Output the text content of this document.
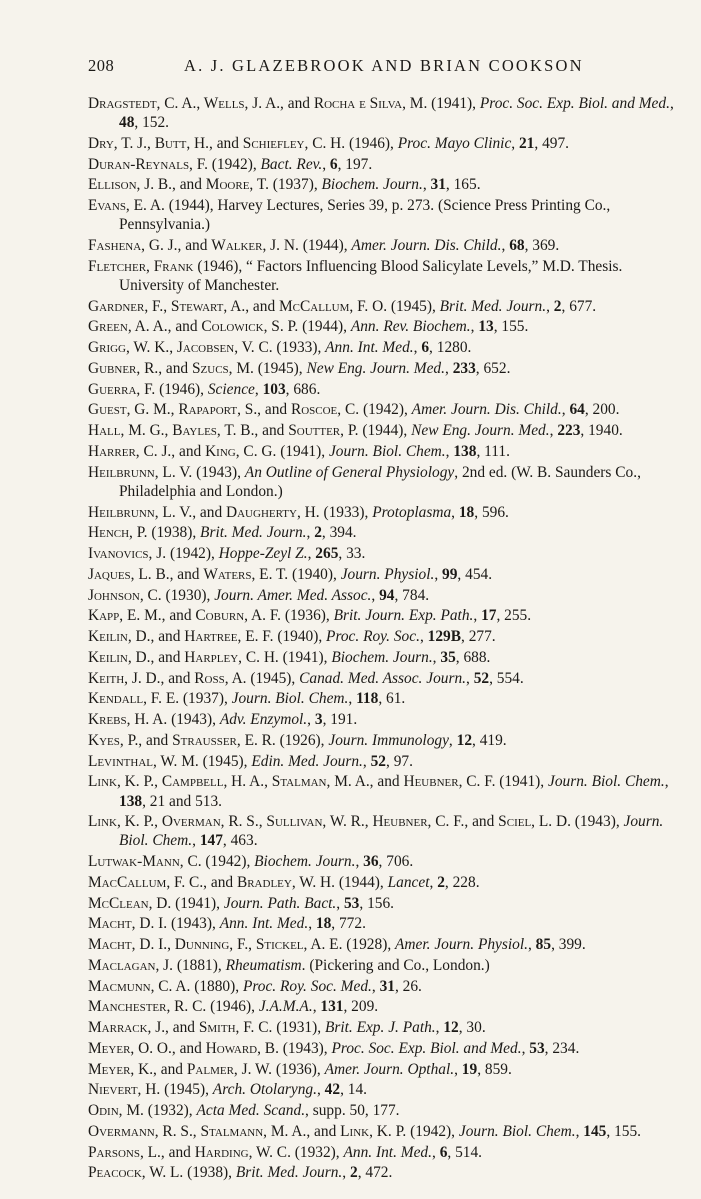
208	A. J. GLAZEBROOK AND BRIAN COOKSON

Dragstedt, C. A., Wells, J. A., and Rocha e Silva, M. (1941), Proc. Soc. Exp. Biol. and Med., 48, 152.

Dry, T. J., Butt, H., and Schiefley, C. H. (1946), Proc. Mayo Clinic, 21, 497.

Duran-Reynals, F. (1942), Bact. Rev., 6, 197.

Ellison, J. B., and Moore, T. (1937), Biochem. Journ., 31, 165.

Evans, E. A. (1944), Harvey Lectures, Series 39, p. 273. (Science Press Printing Co., Pennsylvania.)

Fashena, G. J., and Walker, J. N. (1944), Amer. Journ. Dis. Child., 68, 369.

Fletcher, Frank (1946), “ Factors Influencing Blood Salicylate Levels,” M.D. Thesis. University of Manchester.

Gardner, F., Stewart, A., and McCallum, F. O. (1945), Brit. Med. Journ., 2, 677.

Green, A. A., and Colowick, S. P. (1944), Ann. Rev. Biochem., 13, 155.

Grigg, W. K., Jacobsen, V. C. (1933), Ann. Int. Med., 6, 1280.

Gubner, R., and Szucs, M. (1945), New Eng. Journ. Med., 233, 652.

Guerra, F. (1946), Science, 103, 686.

Guest, G. M., Rapaport, S., and Roscoe, C. (1942), Amer. Journ. Dis. Child., 64, 200.

Hall, M. G., Bayles, T. B., and Soutter, P. (1944), New Eng. Journ. Med., 223, 1940.

Harrer, C. J., and King, C. G. (1941), Journ. Biol. Chem., 138, 111.

Heilbrunn, L. V. (1943), An Outline of General Physiology, 2nd ed. (W. B. Saunders Co., Philadelphia and London.)

Heilbrunn, L. V., and Daugherty, H. (1933), Protoplasma, 18, 596.

Hench, P. (1938), Brit. Med. Journ., 2, 394.

Ivanovics, J. (1942), Hoppe-Zeyl Z., 265, 33.

Jaques, L. B., and Waters, E. T. (1940), Journ. Physiol., 99, 454.

Johnson, C. (1930), Journ. Amer. Med. Assoc., 94, 784.

Kapp, E. M., and Coburn, A. F. (1936), Brit. Journ. Exp. Path., 17, 255.

Keilin, D., and Hartree, E. F. (1940), Proc. Roy. Soc., 129B, 277.

Keilin, D., and Harpley, C. H. (1941), Biochem. Journ., 35, 688.

Keith, J. D., and Ross, A. (1945), Canad. Med. Assoc. Journ., 52, 554.

Kendall, F. E. (1937), Journ. Biol. Chem., 118, 61.

Krebs, H. A. (1943), Adv. Enzymol., 3, 191.

Kyes, P., and Strausser, E. R. (1926), Journ. Immunology, 12, 419.

Levinthal, W. M. (1945), Edin. Med. Journ., 52, 97.

Link, K. P., Campbell, H. A., Stalman, M. A., and Heubner, C. F. (1941), Journ. Biol. Chem., 138, 21 and 513.

Link, K. P., Overman, R. S., Sullivan, W. R., Heubner, C. F., and Sciel, L. D. (1943), Journ. Biol. Chem., 147, 463.

Lutwak-Mann, C. (1942), Biochem. Journ., 36, 706.

MacCallum, F. C., and Bradley, W. H. (1944), Lancet, 2, 228.

McClean, D. (1941), Journ. Path. Bact., 53, 156.

Macht, D. I. (1943), Ann. Int. Med., 18, 772.

Macht, D. I., Dunning, F., Stickel, A. E. (1928), Amer. Journ. Physiol., 85, 399.

Maclagan, J. (1881), Rheumatism. (Pickering and Co., London.)

Macmunn, C. A. (1880), Proc. Roy. Soc. Med., 31, 26.

Manchester, R. C. (1946), J.A.M.A., 131, 209.

Marrack, J., and Smith, F. C. (1931), Brit. Exp. J. Path., 12, 30.

Meyer, O. O., and Howard, B. (1943), Proc. Soc. Exp. Biol. and Med., 53, 234.

Meyer, K., and Palmer, J. W. (1936), Amer. Journ. Opthal., 19, 859.

Nievert, H. (1945), Arch. Otolaryng., 42, 14.

Odin, M. (1932), Acta Med. Scand., supp. 50, 177.

Overmann, R. S., Stalmann, M. A., and Link, K. P. (1942), Journ. Biol. Chem., 145, 155.

Parsons, L., and Harding, W. C. (1932), Ann. Int. Med., 6, 514.

Peacock, W. L. (1938), Brit. Med. Journ., 2, 472.
